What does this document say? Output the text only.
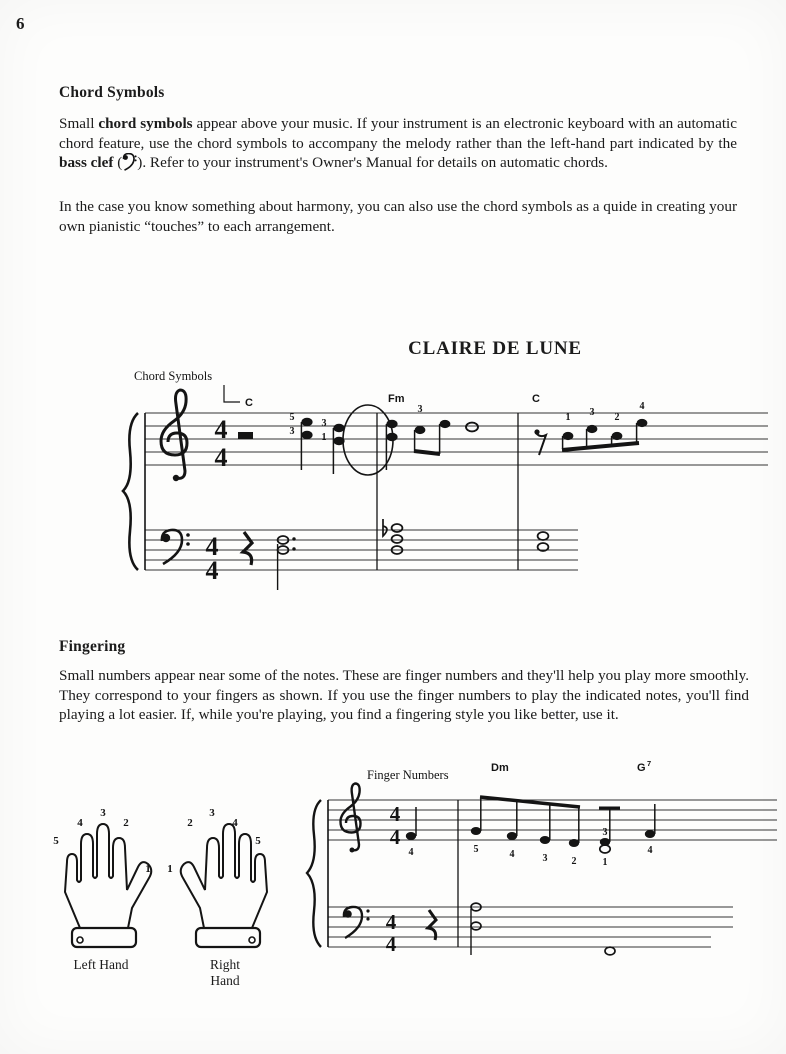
6
Chord Symbols

Small chord symbols appear above your music. If your instrument is an electronic keyboard with an automatic chord feature, use the chord symbols to accompany the melody rather than the left-hand part indicated by the bass clef ( ). Refer to your instrument's Owner's Manual for details on automatic chords.

In the case you know something about harmony, you can also use the chord symbols as a quide in creating your own pianistic “touches” to each arrangement.

CLAIRE DE LUNE
Chord Symbols
C	Fm	C
4
4
4
4
5
3
3
1
3
1 3 2
4
Fingering

Small numbers appear near some of the notes. These are finger numbers and they'll help you play more smoothly. They correspond to your fingers as shown. If you use the finger numbers to play the indicated notes, you'll find playing a lot easier. If, while you're playing, you find a fingering style you like better, use it.

5
4
3
2
1 1
2
3
4
5
Left Hand	Right Hand
Finger Numbers	Dm	G 7
4
4
4
4
4	5	4	3 2
3
1
4
